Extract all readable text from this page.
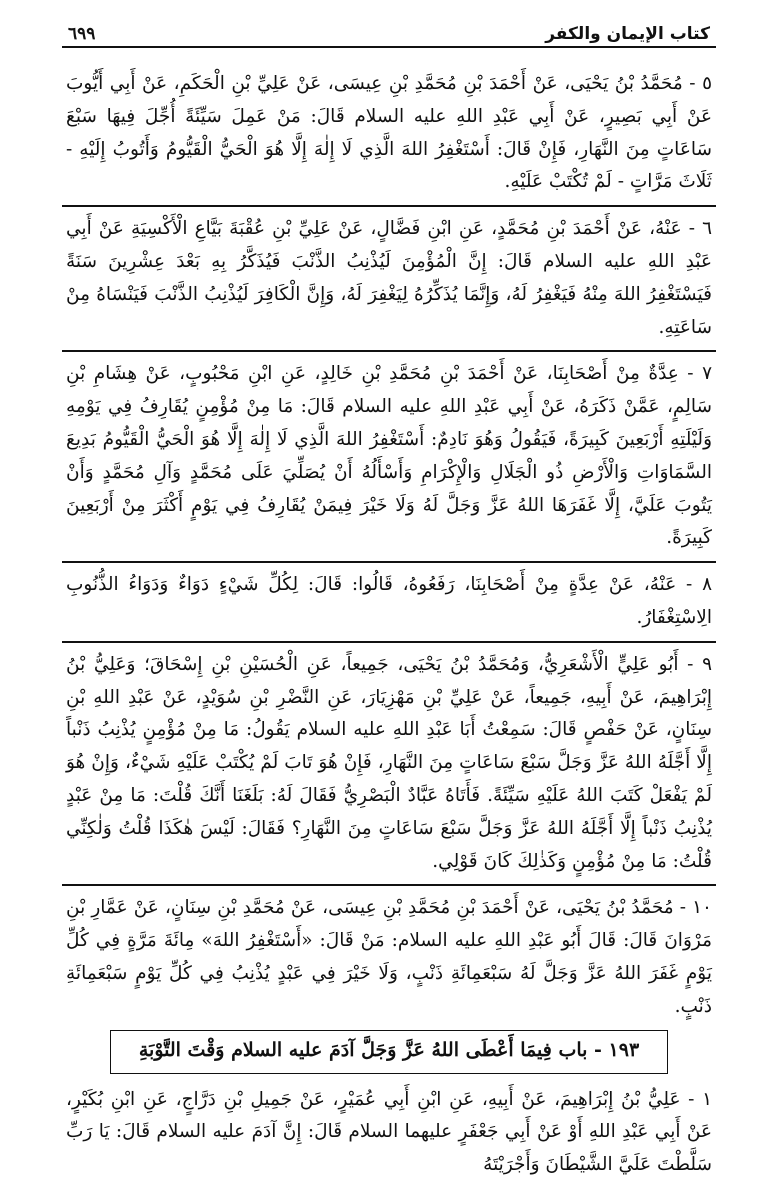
كتاب الإيمان والكفر
٦٩٩

٥ - مُحَمَّدُ بْنُ يَحْيَى، عَنْ أَحْمَدَ بْنِ مُحَمَّدِ بْنِ عِيسَى، عَنْ عَلِيِّ بْنِ الْحَكَمِ، عَنْ أَبِي أَيُّوبَ عَنْ أَبِي بَصِيرٍ، عَنْ أَبِي عَبْدِ اللهِ عليه السلام قَالَ: مَنْ عَمِلَ سَيِّئَةً أُجِّلَ فِيهَا سَبْعَ سَاعَاتٍ مِنَ النَّهَارِ، فَإِنْ قَالَ: أَسْتَغْفِرُ اللهَ الَّذِي لَا إِلٰهَ إِلَّا هُوَ الْحَيُّ الْقَيُّومُ وَأَتُوبُ إِلَيْهِ - ثَلَاثَ مَرَّاتٍ - لَمْ تُكْتَبْ عَلَيْهِ.

٦ - عَنْهُ، عَنْ أَحْمَدَ بْنِ مُحَمَّدٍ، عَنِ ابْنِ فَضَّالٍ، عَنْ عَلِيِّ بْنِ عُقْبَةَ بَيَّاعِ الْأَكْسِيَةِ عَنْ أَبِي عَبْدِ اللهِ عليه السلام قَالَ: إِنَّ الْمُؤْمِنَ لَيُذْنِبُ الذَّنْبَ فَيُذَكَّرُ بِهِ بَعْدَ عِشْرِينَ سَنَةً فَيَسْتَغْفِرُ اللهَ مِنْهُ فَيَغْفِرُ لَهُ، وَإِنَّمَا يُذَكِّرُهُ لِيَغْفِرَ لَهُ، وَإِنَّ الْكَافِرَ لَيُذْنِبُ الذَّنْبَ فَيَنْسَاهُ مِنْ سَاعَتِهِ.

٧ - عِدَّةٌ مِنْ أَصْحَابِنَا، عَنْ أَحْمَدَ بْنِ مُحَمَّدِ بْنِ خَالِدٍ، عَنِ ابْنِ مَحْبُوبٍ، عَنْ هِشَامِ بْنِ سَالِمٍ، عَمَّنْ ذَكَرَهُ، عَنْ أَبِي عَبْدِ اللهِ عليه السلام قَالَ: مَا مِنْ مُؤْمِنٍ يُقَارِفُ فِي يَوْمِهِ وَلَيْلَتِهِ أَرْبَعِينَ كَبِيرَةً، فَيَقُولُ وَهُوَ نَادِمٌ: أَسْتَغْفِرُ اللهَ الَّذِي لَا إِلٰهَ إِلَّا هُوَ الْحَيُّ الْقَيُّومُ بَدِيعَ السَّمَاوَاتِ وَالْأَرْضِ ذُو الْجَلَالِ وَالْإِكْرَامِ وَأَسْأَلُهُ أَنْ يُصَلِّيَ عَلَى مُحَمَّدٍ وَآلِ مُحَمَّدٍ وَأَنْ يَتُوبَ عَلَيَّ، إِلَّا غَفَرَهَا اللهُ عَزَّ وَجَلَّ لَهُ وَلَا خَيْرَ فِيمَنْ يُقَارِفُ فِي يَوْمٍ أَكْثَرَ مِنْ أَرْبَعِينَ كَبِيرَةً.

٨ - عَنْهُ، عَنْ عِدَّةٍ مِنْ أَصْحَابِنَا، رَفَعُوهُ، قَالُوا: قَالَ: لِكُلِّ شَيْءٍ دَوَاءٌ وَدَوَاءُ الذُّنُوبِ الِاسْتِغْفَارُ.

٩ - أَبُو عَلِيٍّ الْأَشْعَرِيُّ، وَمُحَمَّدُ بْنُ يَحْيَى، جَمِيعاً، عَنِ الْحُسَيْنِ بْنِ إِسْحَاقَ؛ وَعَلِيُّ بْنُ إِبْرَاهِيمَ، عَنْ أَبِيهِ، جَمِيعاً، عَنْ عَلِيِّ بْنِ مَهْزِيَارَ، عَنِ النَّضْرِ بْنِ سُوَيْدٍ، عَنْ عَبْدِ اللهِ بْنِ سِنَانٍ، عَنْ حَفْصٍ قَالَ: سَمِعْتُ أَبَا عَبْدِ اللهِ عليه السلام يَقُولُ: مَا مِنْ مُؤْمِنٍ يُذْنِبُ ذَنْباً إِلَّا أَجَّلَهُ اللهُ عَزَّ وَجَلَّ سَبْعَ سَاعَاتٍ مِنَ النَّهَارِ، فَإِنْ هُوَ تَابَ لَمْ يُكْتَبْ عَلَيْهِ شَيْءٌ، وَإِنْ هُوَ لَمْ يَفْعَلْ كَتَبَ اللهُ عَلَيْهِ سَيِّئَةً. فَأَتَاهُ عَبَّادٌ الْبَصْرِيُّ فَقَالَ لَهُ: بَلَغَنَا أَنَّكَ قُلْتَ: مَا مِنْ عَبْدٍ يُذْنِبُ ذَنْباً إِلَّا أَجَّلَهُ اللهُ عَزَّ وَجَلَّ سَبْعَ سَاعَاتٍ مِنَ النَّهَارِ؟ فَقَالَ: لَيْسَ هٰكَذَا قُلْتُ وَلٰكِنِّي قُلْتُ: مَا مِنْ مُؤْمِنٍ وَكَذٰلِكَ كَانَ قَوْلِي.

١٠ - مُحَمَّدُ بْنُ يَحْيَى، عَنْ أَحْمَدَ بْنِ مُحَمَّدِ بْنِ عِيسَى، عَنْ مُحَمَّدِ بْنِ سِنَانٍ، عَنْ عَمَّارِ بْنِ مَرْوَانَ قَالَ: قَالَ أَبُو عَبْدِ اللهِ عليه السلام: مَنْ قَالَ: «أَسْتَغْفِرُ اللهَ» مِائَةَ مَرَّةٍ فِي كُلِّ يَوْمٍ غَفَرَ اللهُ عَزَّ وَجَلَّ لَهُ سَبْعَمِائَةِ ذَنْبٍ، وَلَا خَيْرَ فِي عَبْدٍ يُذْنِبُ فِي كُلِّ يَوْمٍ سَبْعَمِائَةِ ذَنْبٍ.

١٩٣ - باب فِيمَا أَعْطَى اللهُ عَزَّ وَجَلَّ آدَمَ عليه السلام وَقْتَ التَّوْبَةِ

١ - عَلِيُّ بْنُ إِبْرَاهِيمَ، عَنْ أَبِيهِ، عَنِ ابْنِ أَبِي عُمَيْرٍ، عَنْ جَمِيلِ بْنِ دَرَّاجٍ، عَنِ ابْنِ بُكَيْرٍ، عَنْ أَبِي عَبْدِ اللهِ أَوْ عَنْ أَبِي جَعْفَرٍ عليهما السلام قَالَ: إِنَّ آدَمَ عليه السلام قَالَ: يَا رَبِّ سَلَّطْتَ عَلَيَّ الشَّيْطَانَ وَأَجْرَيْتَهُ
